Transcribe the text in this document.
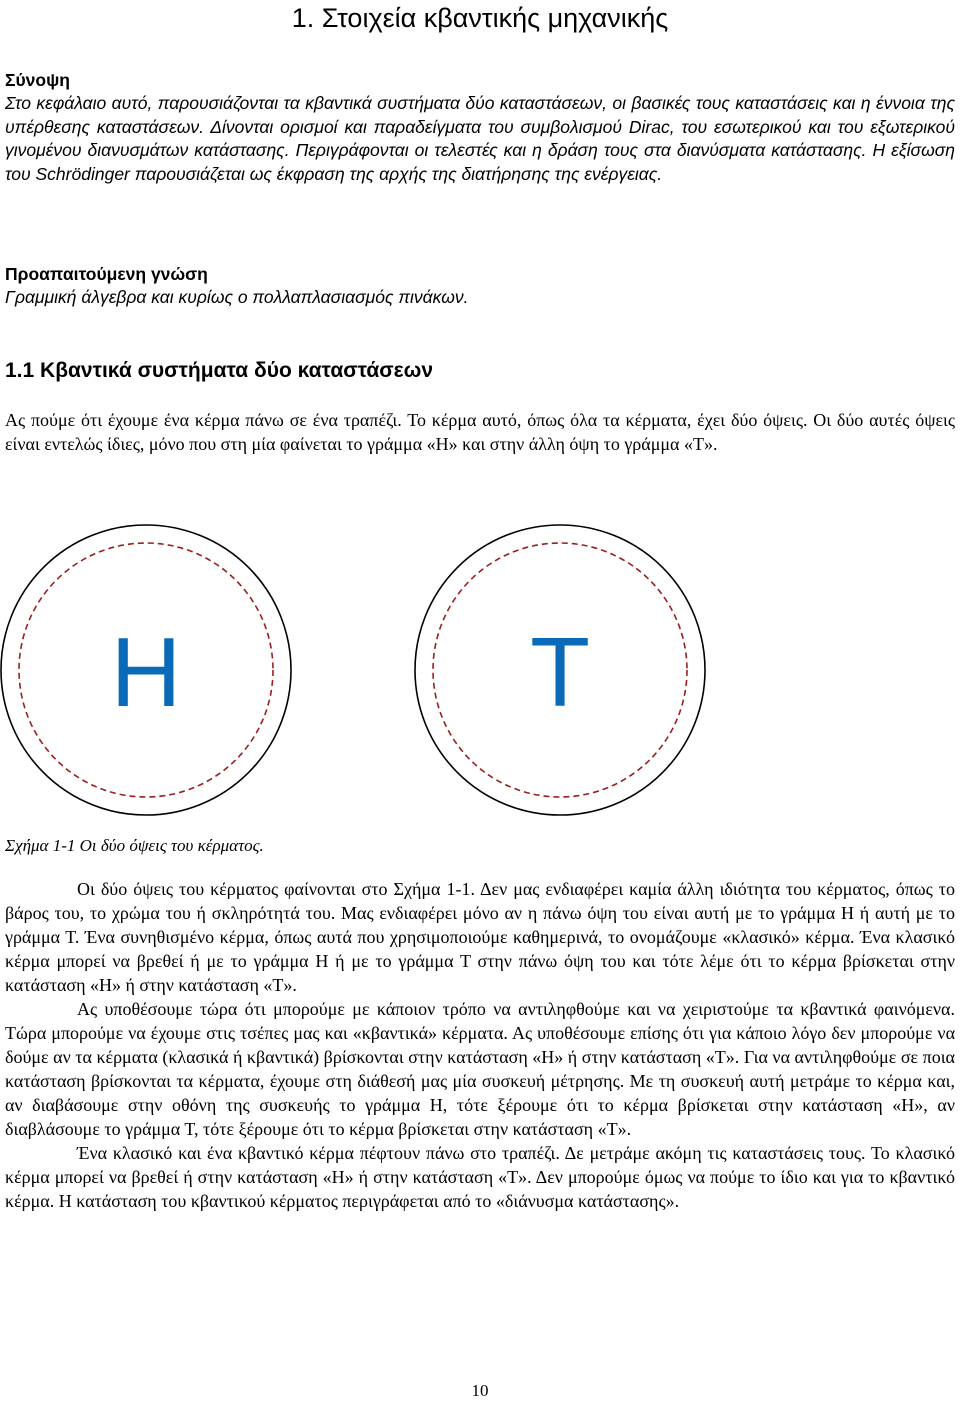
1. Στοιχεία κβαντικής μηχανικής
Σύνοψη

Στο κεφάλαιο αυτό, παρουσιάζονται τα κβαντικά συστήματα δύο καταστάσεων, οι βασικές τους καταστάσεις και η έννοια της υπέρθεσης καταστάσεων. Δίνονται ορισμοί και παραδείγματα του συμβολισμού Dirac, του εσωτερικού και του εξωτερικού γινομένου διανυσμάτων κατάστασης. Περιγράφονται οι τελεστές και η δράση τους στα διανύσματα κατάστασης. Η εξίσωση του Schrödinger παρουσιάζεται ως έκφραση της αρχής της διατήρησης της ενέργειας.

Προαπαιτούμενη γνώση

Γραμμική άλγεβρα και κυρίως ο πολλαπλασιασμός πινάκων.

1.1 Κβαντικά συστήματα δύο καταστάσεων

Ας πούμε ότι έχουμε ένα κέρμα πάνω σε ένα τραπέζι. Το κέρμα αυτό, όπως όλα τα κέρματα, έχει δύο όψεις. Οι δύο αυτές όψεις είναι εντελώς ίδιες, μόνο που στη μία φαίνεται το γράμμα «Η» και στην άλλη όψη το γράμμα «Τ».

H	T
Σχήμα 1-1 Οι δύο όψεις του κέρματος.

Οι δύο όψεις του κέρματος φαίνονται στο Σχήμα 1-1. Δεν μας ενδιαφέρει καμία άλλη ιδιότητα του κέρματος, όπως το βάρος του, το χρώμα του ή σκληρότητά του. Μας ενδιαφέρει μόνο αν η πάνω όψη του είναι αυτή με το γράμμα Η ή αυτή με το γράμμα Τ. Ένα συνηθισμένο κέρμα, όπως αυτά που χρησιμοποιούμε καθημερινά, το ονομάζουμε «κλασικό» κέρμα. Ένα κλασικό κέρμα μπορεί να βρεθεί ή με το γράμμα Η ή με το γράμμα Τ στην πάνω όψη του και τότε λέμε ότι το κέρμα βρίσκεται στην κατάσταση «Η» ή στην κατάσταση «Τ».

Ας υποθέσουμε τώρα ότι μπορούμε με κάποιον τρόπο να αντιληφθούμε και να χειριστούμε τα κβαντικά φαινόμενα. Τώρα μπορούμε να έχουμε στις τσέπες μας και «κβαντικά» κέρματα. Ας υποθέσουμε επίσης ότι για κάποιο λόγο δεν μπορούμε να δούμε αν τα κέρματα (κλασικά ή κβαντικά) βρίσκονται στην κατάσταση «Η» ή στην κατάσταση «Τ». Για να αντιληφθούμε σε ποια κατάσταση βρίσκονται τα κέρματα, έχουμε στη διάθεσή μας μία συσκευή μέτρησης. Με τη συσκευή αυτή μετράμε το κέρμα και, αν διαβάσουμε στην οθόνη της συσκευής το γράμμα Η, τότε ξέρουμε ότι το κέρμα βρίσκεται στην κατάσταση «Η», αν διαβλάσουμε το γράμμα Τ, τότε ξέρουμε ότι το κέρμα βρίσκεται στην κατάσταση «Τ».

Ένα κλασικό και ένα κβαντικό κέρμα πέφτουν πάνω στο τραπέζι. Δε μετράμε ακόμη τις καταστάσεις τους. Το κλασικό κέρμα μπορεί να βρεθεί ή στην κατάσταση «Η» ή στην κατάσταση «Τ». Δεν μπορούμε όμως να πούμε το ίδιο και για το κβαντικό κέρμα. Η κατάσταση του κβαντικού κέρματος περιγράφεται από το «διάνυσμα κατάστασης».

10
